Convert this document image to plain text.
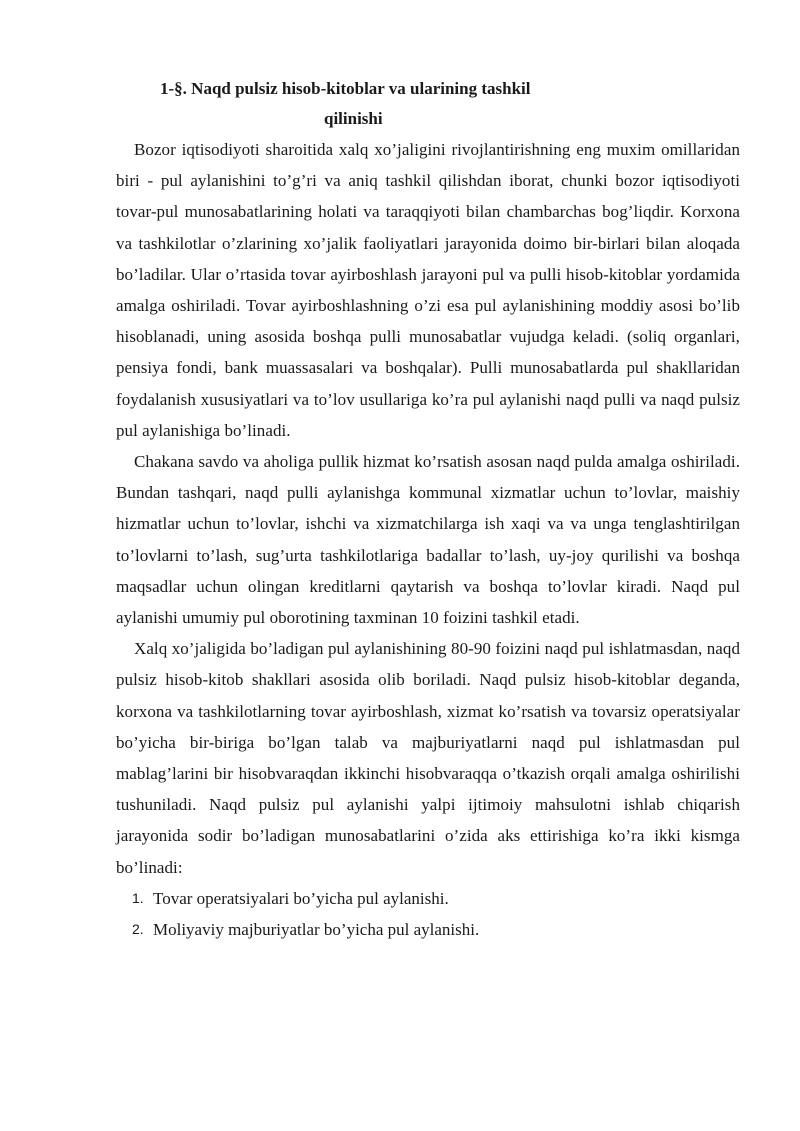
1-§. Naqd pulsiz hisob-kitoblar va ularining tashkil
qilinishi

Bozor iqtisodiyoti sharoitida xalq xo’jaligini rivojlantirishning eng muxim omillaridan biri - pul aylanishini to’g’ri va aniq tashkil qilishdan iborat, chunki bozor iqtisodiyoti tovar-pul munosabatlarining holati va taraqqiyoti bilan chambarchas bog’liqdir. Korxona va tashkilotlar o’zlarining xo’jalik faoliyatlari jarayonida doimo bir-birlari bilan aloqada bo’ladilar. Ular o’rtasida tovar ayirboshlash jarayoni pul va pulli hisob-kitoblar yordamida amalga oshiriladi. Tovar ayirboshlashning o’zi esa pul aylanishining moddiy asosi bo’lib hisoblanadi, uning asosida boshqa pulli munosabatlar vujudga keladi. (soliq organlari, pensiya fondi, bank muassasalari va boshqalar). Pulli munosabatlarda pul shakllaridan foydalanish xususiyatlari va to’lov usullariga ko’ra pul aylanishi naqd pulli va naqd pulsiz pul aylanishiga bo’linadi.

Chakana savdo va aholiga pullik hizmat ko’rsatish asosan naqd pulda amalga oshiriladi. Bundan tashqari, naqd pulli aylanishga kommunal xizmatlar uchun to’lovlar, maishiy hizmatlar uchun to’lovlar, ishchi va xizmatchilarga ish xaqi va va unga tenglashtirilgan to’lovlarni to’lash, sug’urta tashkilotlariga badallar to’lash, uy-joy qurilishi va boshqa maqsadlar uchun olingan kreditlarni qaytarish va boshqa to’lovlar kiradi. Naqd pul aylanishi umumiy pul oborotining taxminan 10 foizini tashkil etadi.

Xalq xo’jaligida bo’ladigan pul aylanishining 80-90 foizini naqd pul ishlatmasdan, naqd pulsiz hisob-kitob shakllari asosida olib boriladi. Naqd pulsiz hisob-kitoblar deganda, korxona va tashkilotlarning tovar ayirboshlash, xizmat ko’rsatish va tovarsiz operatsiyalar bo’yicha bir-biriga bo’lgan talab va majburiyatlarni naqd pul ishlatmasdan pul mablag’larini bir hisobvaraqdan ikkinchi hisobvaraqqa o’tkazish orqali amalga oshirilishi tushuniladi. Naqd pulsiz pul aylanishi yalpi ijtimoiy mahsulotni ishlab chiqarish jarayonida sodir bo’ladigan munosabatlarini o’zida aks ettirishiga ko’ra ikki kismga bo’linadi:

1. Tovar operatsiyalari bo’yicha pul aylanishi.
2. Moliyaviy majburiyatlar bo’yicha pul aylanishi.
